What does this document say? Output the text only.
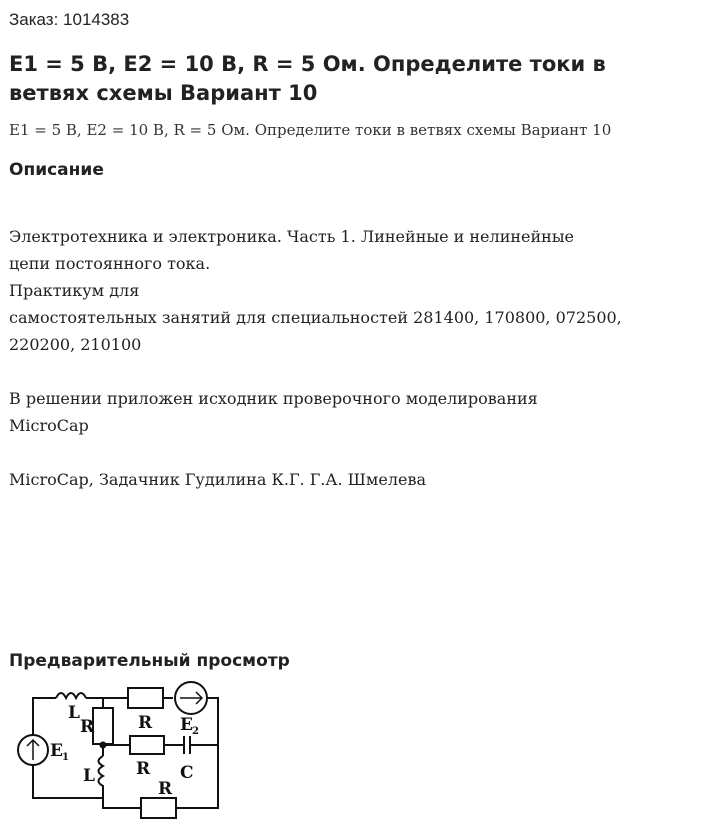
Заказ: 1014383
E1 = 5 В, E2 = 10 В, R = 5 Ом. Определите токи в ветвях схемы Вариант 10
E1 = 5 В, E2 = 10 В, R = 5 Ом. Определите токи в ветвях схемы Вариант 10
Описание

Электротехника и электроника. Часть 1. Линейные и нелинейные

цепи постоянного тока.

Практикум для

самостоятельных занятий для специальностей 281400, 170800, 072500,

220200, 210100

В решении приложен исходник проверочного моделирования

MicroCap

MicroCap, Задачник Гудилина К.Г. Г.А. Шмелева

Предварительный просмотр
L
R	R E 2
E 1
L R C
R
